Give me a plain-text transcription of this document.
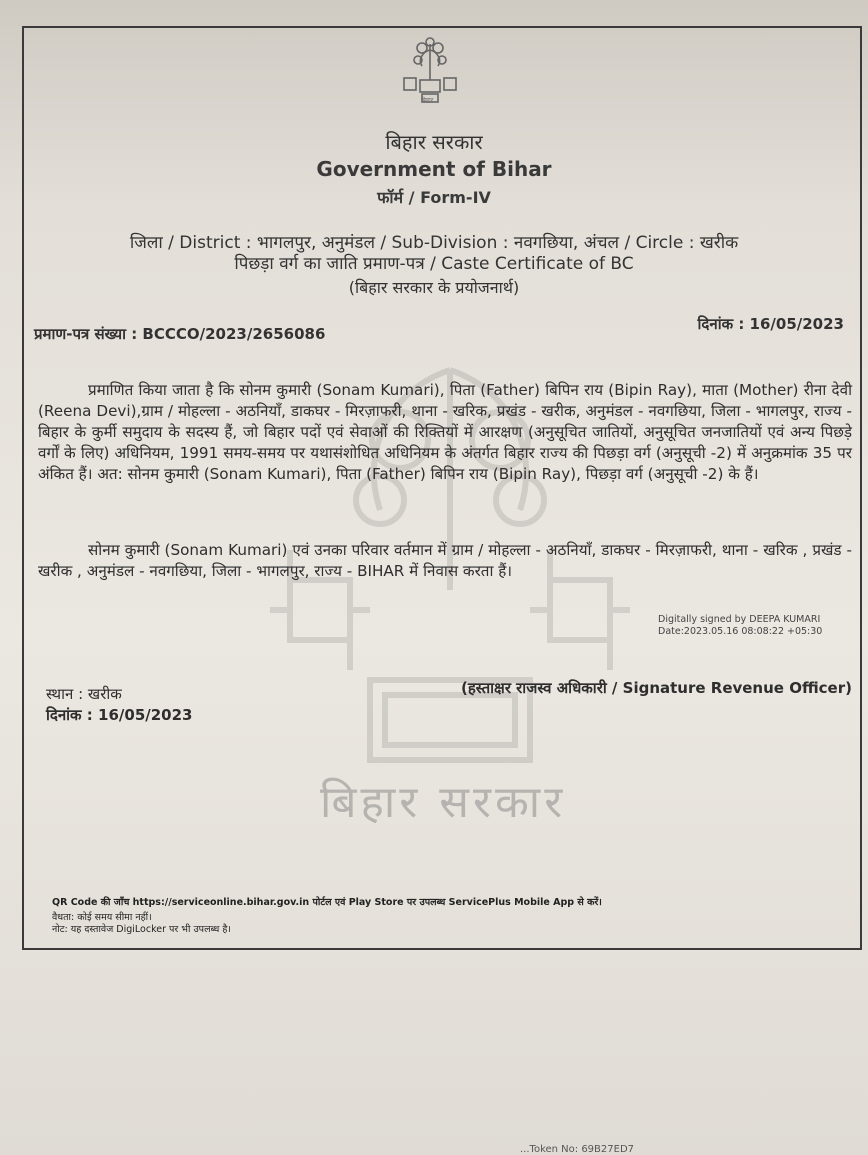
बिहार सरकार
बिहार
बिहार सरकार
Government of Bihar
फॉर्म / Form-IV
जिला / District : भागलपुर, अनुमंडल / Sub-Division : नवगछिया, अंचल / Circle : खरीक
पिछड़ा वर्ग का जाति प्रमाण-पत्र / Caste Certificate of BC
(बिहार सरकार के प्रयोजनार्थ)
प्रमाण-पत्र संख्या : BCCCO/2023/2656086
दिनांक : 16/05/2023
प्रमाणित किया जाता है कि सोनम कुमारी (Sonam Kumari), पिता (Father) बिपिन राय (Bipin Ray), माता (Mother) रीना देवी (Reena Devi),ग्राम / मोहल्ला - अठनियाँ, डाकघर - मिरज़ाफरी, थाना - खरिक, प्रखंड - खरीक, अनुमंडल - नवगछिया, जिला - भागलपुर, राज्य - बिहार के कुर्मी समुदाय के सदस्य हैं, जो बिहार पदों एवं सेवाओं की रिक्तियों में आरक्षण (अनुसूचित जातियों, अनुसूचित जनजातियों एवं अन्य पिछड़े वर्गों के लिए) अधिनियम, 1991 समय-समय पर यथासंशोधित अधिनियम के अंतर्गत बिहार राज्य की पिछड़ा वर्ग (अनुसूची -2) में अनुक्रमांक 35 पर अंकित हैं। अत: सोनम कुमारी (Sonam Kumari), पिता (Father) बिपिन राय (Bipin Ray), पिछड़ा वर्ग (अनुसूची -2) के हैं।
सोनम कुमारी (Sonam Kumari) एवं उनका परिवार वर्तमान में ग्राम / मोहल्ला - अठनियाँ, डाकघर - मिरज़ाफरी, थाना - खरिक , प्रखंड - खरीक , अनुमंडल - नवगछिया, जिला - भागलपुर, राज्य - BIHAR में निवास करता हैं।
Digitally signed by DEEPA KUMARI
Date:2023.05.16 08:08:22 +05:30
स्थान : खरीक
दिनांक : 16/05/2023
(हस्ताक्षर राजस्व अधिकारी / Signature Revenue Officer)
QR Code की जाँच https://serviceonline.bihar.gov.in पोर्टल एवं Play Store पर उपलब्ध ServicePlus Mobile App से करें।
वैधता: कोई समय सीमा नहीं।
नोट: यह दस्तावेज DigiLocker पर भी उपलब्ध है।
...Token No: 69B27ED7
